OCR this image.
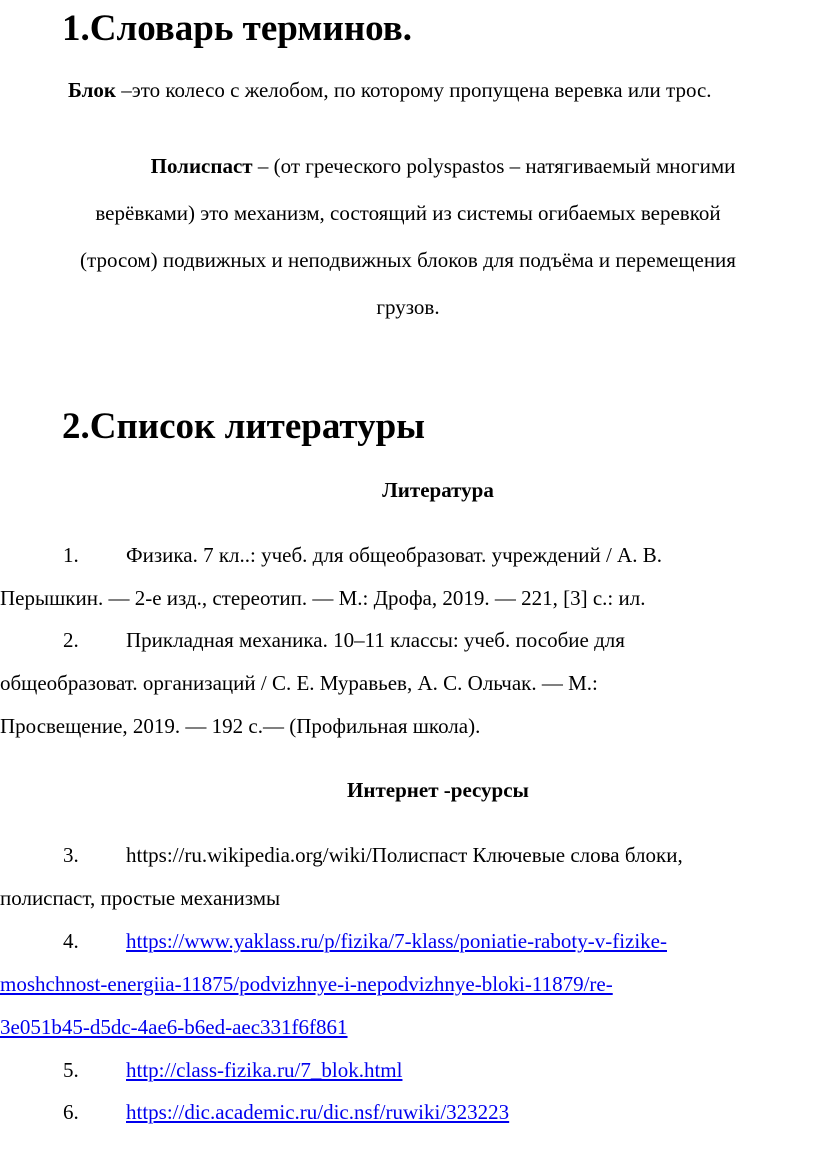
1.Словарь терминов.

Блок –это колесо с желобом, по которому пропущена веревка или трос.

Полиспаст – (от греческого polyspastos – натягиваемый многими
верёвками) это механизм, состоящий из системы огибаемых веревкой
(тросом) подвижных и неподвижных блоков для подъёма и перемещения
грузов.

2.Список литературы
Литература
1. Физика. 7 кл..: учеб. для общеобразоват. учреждений / А. В.
Перышкин. — 2-е изд., стереотип. — М.: Дрофа, 2019. — 221, [3] с.: ил.
2. Прикладная механика. 10–11 классы: учеб. пособие для
общеобразоват. организаций / С. Е. Муравьев, А. С. Ольчак. — М.:
Просвещение, 2019. — 192 с.— (Профильная школа).
Интернет -ресурсы
3. https://ru.wikipedia.org/wiki/Полиспаст Ключевые слова блоки,
полиспаст, простые механизмы
4. https://www.yaklass.ru/p/fizika/7-klass/poniatie-raboty-v-fizike-
moshchnost-energiia-11875/podvizhnye-i-nepodvizhnye-bloki-11879/re-
3e051b45-d5dc-4ae6-b6ed-aec331f6f861
5. http://class-fizika.ru/7_blok.html
6. https://dic.academic.ru/dic.nsf/ruwiki/323223
